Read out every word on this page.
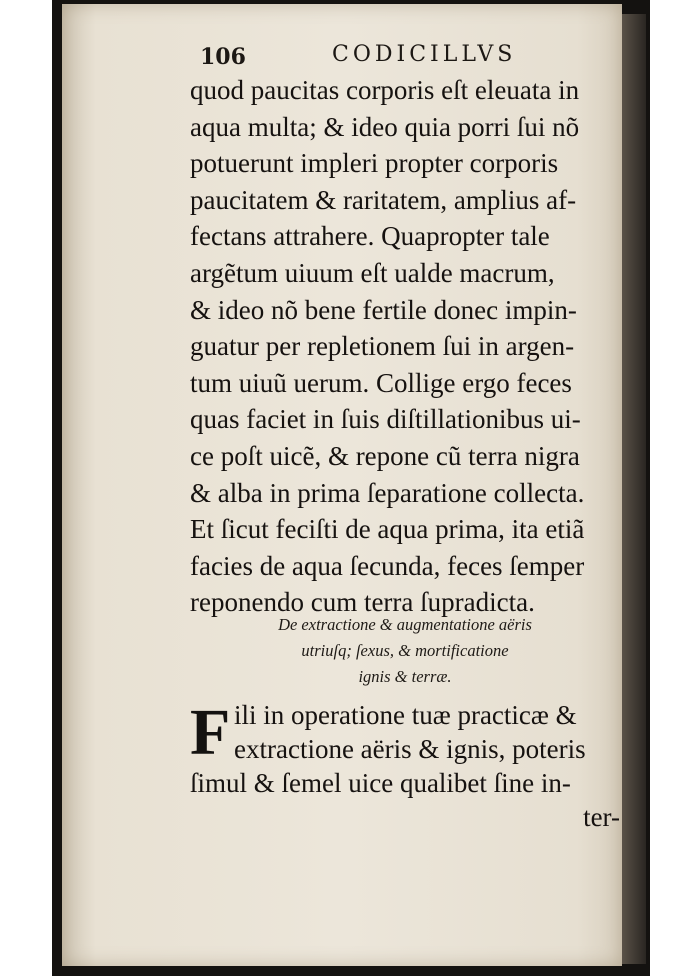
106	CODICILLVS
quod paucitas corporis eſt eleuata in
aqua multa; & ideo quia porri ſui nõ
potuerunt impleri propter corporis
paucitatem & raritatem, amplius af-
fectans attrahere. Quapropter tale
argẽtum uiuum eſt ualde macrum,
& ideo nõ bene fertile donec impin-
guatur per repletionem ſui in argen-
tum uiuũ uerum. Collige ergo feces
quas faciet in ſuis diſtillationibus ui-
ce poſt uicẽ, & repone cũ terra nigra
& alba in prima ſeparatione collecta.
Et ſicut feciſti de aqua prima, ita etiã
facies de aqua ſecunda, feces ſemper
reponendo cum terra ſupradicta.
De extractione & augmentatione aëris
utriuſq; ſexus, & mortificatione
ignis & terræ.
F ili in operatione tuæ practicæ &
extractione aëris & ignis, poteris
ſimul & ſemel uice qualibet ſine in-
ter-
